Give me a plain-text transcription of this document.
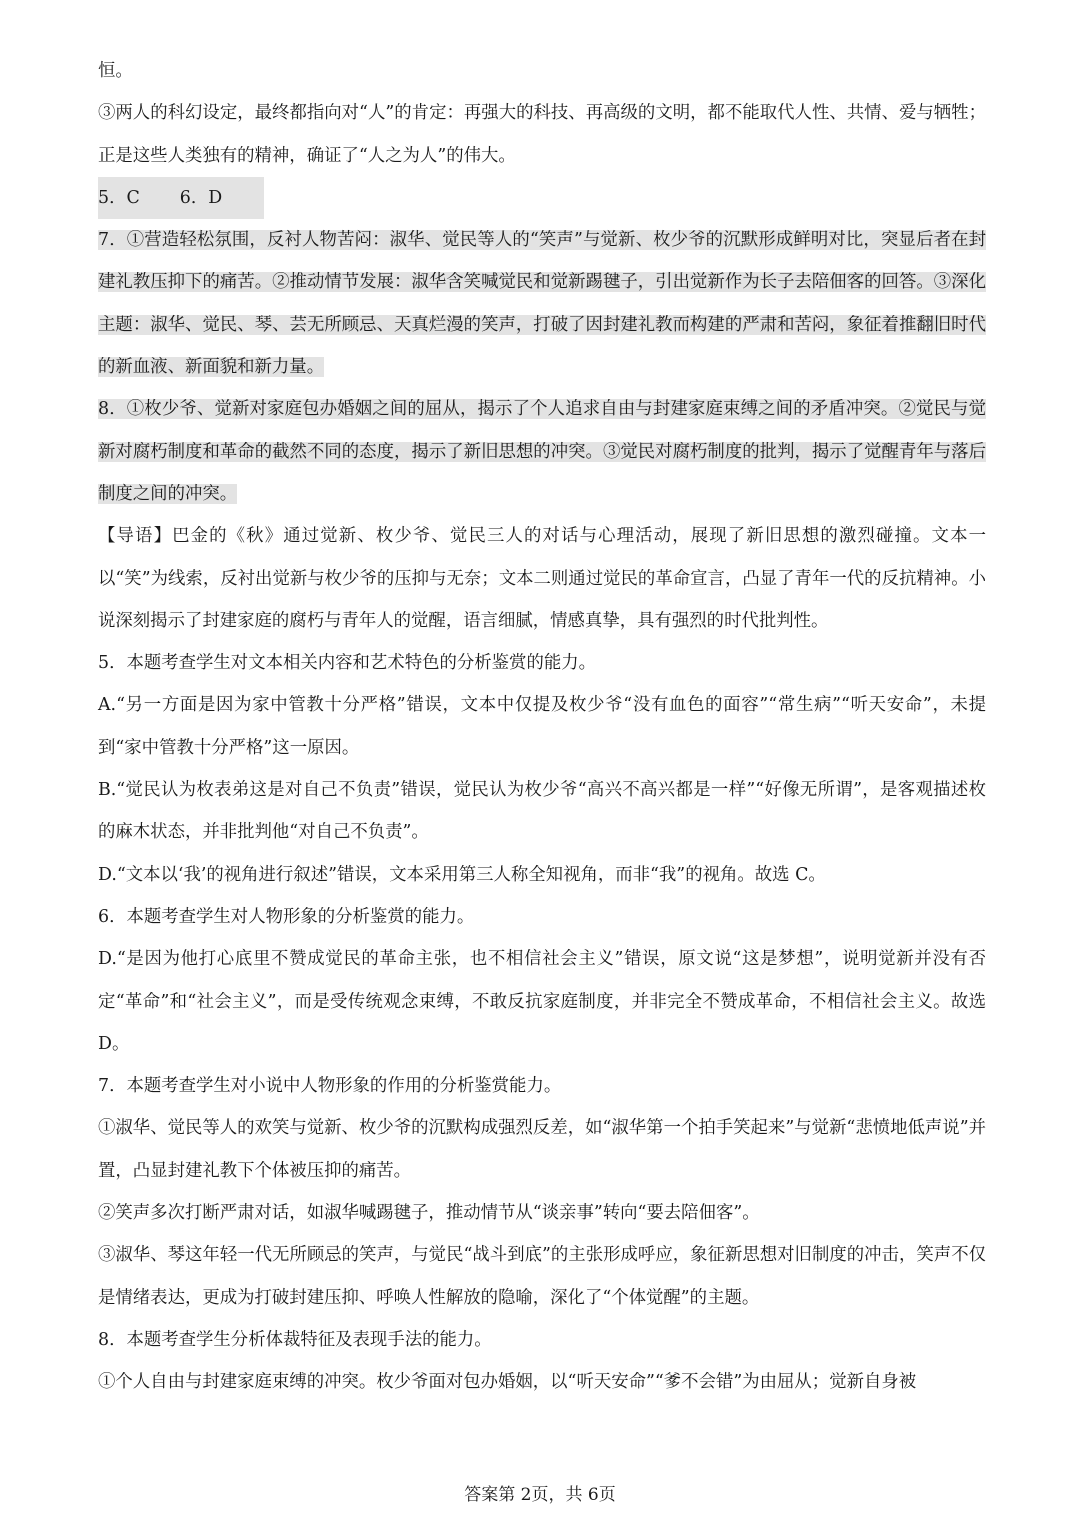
恒。

③两人的科幻设定，最终都指向对“人”的肯定：再强大的科技、再高级的文明，都不能取代人性、共情、爱与牺牲；正是这些人类独有的精神，确证了“人之为人”的伟大。

5．C 6．D

7．①营造轻松氛围，反衬人物苦闷：淑华、觉民等人的“笑声”与觉新、枚少爷的沉默形成鲜明对比，突显后者在封建礼教压抑下的痛苦。②推动情节发展：淑华含笑喊觉民和觉新踢毽子，引出觉新作为长子去陪佃客的回答。③深化主题：淑华、觉民、琴、芸无所顾忌、天真烂漫的笑声，打破了因封建礼教而构建的严肃和苦闷，象征着推翻旧时代的新血液、新面貌和新力量。

8．①枚少爷、觉新对家庭包办婚姻之间的屈从，揭示了个人追求自由与封建家庭束缚之间的矛盾冲突。②觉民与觉新对腐朽制度和革命的截然不同的态度，揭示了新旧思想的冲突。③觉民对腐朽制度的批判，揭示了觉醒青年与落后制度之间的冲突。

【导语】巴金的《秋》通过觉新、枚少爷、觉民三人的对话与心理活动，展现了新旧思想的激烈碰撞。文本一以“笑”为线索，反衬出觉新与枚少爷的压抑与无奈；文本二则通过觉民的革命宣言，凸显了青年一代的反抗精神。小说深刻揭示了封建家庭的腐朽与青年人的觉醒，语言细腻，情感真挚，具有强烈的时代批判性。

5．本题考查学生对文本相关内容和艺术特色的分析鉴赏的能力。

A.“另一方面是因为家中管教十分严格”错误，文本中仅提及枚少爷“没有血色的面容”“常生病”“听天安命”，未提到“家中管教十分严格”这一原因。

B.“觉民认为枚表弟这是对自己不负责”错误，觉民认为枚少爷“高兴不高兴都是一样”“好像无所谓”，是客观描述枚的麻木状态，并非批判他“对自己不负责”。

D.“文本以‘我’的视角进行叙述”错误，文本采用第三人称全知视角，而非“我”的视角。故选 C。

6．本题考查学生对人物形象的分析鉴赏的能力。

D.“是因为他打心底里不赞成觉民的革命主张，也不相信社会主义”错误，原文说“这是梦想”，说明觉新并没有否定“革命”和“社会主义”，而是受传统观念束缚，不敢反抗家庭制度，并非完全不赞成革命，不相信社会主义。故选 D。

7．本题考查学生对小说中人物形象的作用的分析鉴赏能力。

①淑华、觉民等人的欢笑与觉新、枚少爷的沉默构成强烈反差，如“淑华第一个拍手笑起来”与觉新“悲愤地低声说”并置，凸显封建礼教下个体被压抑的痛苦。

②笑声多次打断严肃对话，如淑华喊踢毽子，推动情节从“谈亲事”转向“要去陪佃客”。

③淑华、琴这年轻一代无所顾忌的笑声，与觉民“战斗到底”的主张形成呼应，象征新思想对旧制度的冲击，笑声不仅是情绪表达，更成为打破封建压抑、呼唤人性解放的隐喻，深化了“个体觉醒”的主题。

8．本题考查学生分析体裁特征及表现手法的能力。

①个人自由与封建家庭束缚的冲突。枚少爷面对包办婚姻，以“听天安命”“爹不会错”为由屈从；觉新自身被

答案第 2页，共 6页
